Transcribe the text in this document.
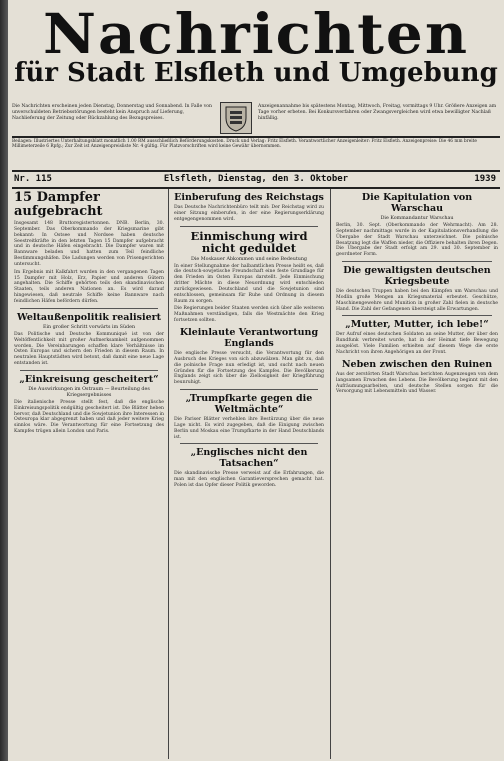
Nachrichten
für Stadt Elsfleth und Umgebung
Die Nachrichten erscheinen jeden Dienstag, Donnerstag und Sonnabend. In Falle von unverschuldeten Betriebsstörungen besteht kein Anspruch auf Lieferung, Nachlieferung der Zeitung oder Rückzahlung des Bezugspreises.
Anzeigenannahme bis spätestens Montag, Mittwoch, Freitag, vormittags 9 Uhr. Größere Anzeigen am Tage vorher erbeten. Bei Konkursverfahren oder Zwangsvergleichen wird etwa bewilligter Nachlaß hinfällig.
Beilagen: Illustriertes Unterhaltungsblatt monatlich 1.00 RM ausschließlich Beförderungskosten. Druck und Verlag: Fritz Elsfleth. Verantwortlicher Anzeigenleiter: Fritz Elsfleth. Anzeigenpreise: Die 46 mm breite Millimeterzeile 6 Rpfg.; Zur Zeit ist Anzeigenpreisliste Nr. 4 gültig. Für Platzvorschriften wird keine Gewähr übernommen.
Nr. 115	Elsfleth, Dienstag, den 3. Oktober	1939
15 Dampfer aufgebracht

Insgesamt 148 Bruttoregistertonnen. DNB. Berlin, 30. September. Das Oberkommando der Kriegsmarine gibt bekannt: In Ostsee und Nordsee haben deutsche Seestreitkräfte in den letzten Tagen 15 Dampfer aufgebracht und in deutsche Häfen eingebracht. Die Dampfer waren mit Bannware beladen und hatten zum Teil feindliche Bestimmungshäfen. Die Ladungen werden von Prisengerichten untersucht.

Im Ergebnis mit Kalkfahrt wurden in den vergangenen Tagen 15 Dampfer mit Holz, Erz, Papier und anderen Gütern angehalten. Die Schiffe gehörten teils den skandinavischen Staaten, teils anderen Nationen an. Es wird darauf hingewiesen, daß neutrale Schiffe keine Bannware nach feindlichen Häfen befördern dürfen.

Weltaußenpolitik realisiert

Ein großer Schritt vorwärts im Süden

Das Politische und Deutsche Kommuniqué ist von der Weltöffentlichkeit mit großer Aufmerksamkeit aufgenommen worden. Die Vereinbarungen schaffen klare Verhältnisse im Osten Europas und sichern den Frieden in diesem Raum. In neutralen Hauptstädten wird betont, daß damit eine neue Lage entstanden ist.

„Einkreisung gescheitert“

Die Auswirkungen im Ostraum — Beurteilung des Kriegsergebnisses

Die italienische Presse stellt fest, daß die englische Einkreisungspolitik endgültig gescheitert ist. Die Blätter heben hervor, daß Deutschland und die Sowjetunion ihre Interessen in Osteuropa klar abgegrenzt haben und daß jeder weitere Krieg sinnlos wäre. Die Verantwortung für eine Fortsetzung des Kampfes trügen allein London und Paris.

Einberufung des Reichstags

Das Deutsche Nachrichtenbüro teilt mit: Der Reichstag wird zu einer Sitzung einberufen, in der eine Regierungserklärung entgegengenommen wird.

Einmischung wird nicht geduldet

Die Moskauer Abkommen und seine Bedeutung

In einer Stellungnahme der halbamtlichen Presse heißt es, daß die deutsch-sowjetische Freundschaft eine feste Grundlage für den Frieden im Osten Europas darstellt. Jede Einmischung dritter Mächte in diese Neuordnung wird entschieden zurückgewiesen. Deutschland und die Sowjetunion sind entschlossen, gemeinsam für Ruhe und Ordnung in diesem Raum zu sorgen.

Die Regierungen beider Staaten werden sich über alle weiteren Maßnahmen verständigen, falls die Westmächte den Krieg fortsetzen sollten.

Kleinlaute Verantwortung Englands

Die englische Presse versucht, die Verantwortung für den Ausbruch des Krieges von sich abzuwälzen. Man gibt zu, daß die polnische Frage nun erledigt ist, und sucht nach neuen Gründen für die Fortsetzung des Kampfes. Die Bevölkerung Englands zeigt sich über die Ziellosigkeit der Kriegführung beunruhigt.

„Trumpfkarte gegen die Weltmächte“

Die Pariser Blätter verhehlen ihre Bestürzung über die neue Lage nicht. Es wird zugegeben, daß die Einigung zwischen Berlin und Moskau eine Trumpfkarte in der Hand Deutschlands ist.

„Englisches nicht den Tatsachen“

Die skandinavische Presse verweist auf die Erfahrungen, die man mit den englischen Garantieversprechen gemacht hat. Polen ist das Opfer dieser Politik geworden.

Die Kapitulation von Warschau

Die Kommandantur Warschau

Berlin, 30. Sept. (Oberkommando der Wehrmacht). Am 28. September nachmittags wurde in der Kapitulationsverhandlung die Übergabe der Stadt Warschau unterzeichnet. Die polnische Besatzung legt die Waffen nieder, die Offiziere behalten ihren Degen. Die Übergabe der Stadt erfolgt am 29. und 30. September in geordneter Form.

Die gewaltigsten deutschen Kriegsbeute

Die deutschen Truppen haben bei den Kämpfen um Warschau und Modlin große Mengen an Kriegsmaterial erbeutet. Geschütze, Maschinengewehre und Munition in großer Zahl fielen in deutsche Hand. Die Zahl der Gefangenen übersteigt alle Erwartungen.

„Mutter, Mutter, ich lebe!“

Der Aufruf eines deutschen Soldaten an seine Mutter, der über den Rundfunk verbreitet wurde, hat in der Heimat tiefe Bewegung ausgelöst. Viele Familien erhielten auf diesem Wege die erste Nachricht von ihren Angehörigen an der Front.

Neben zwischen den Ruinen

Aus der zerstörten Stadt Warschau berichten Augenzeugen von dem langsamen Erwachen des Lebens. Die Bevölkerung beginnt mit den Aufräumungsarbeiten, und deutsche Stellen sorgen für die Versorgung mit Lebensmitteln und Wasser.
